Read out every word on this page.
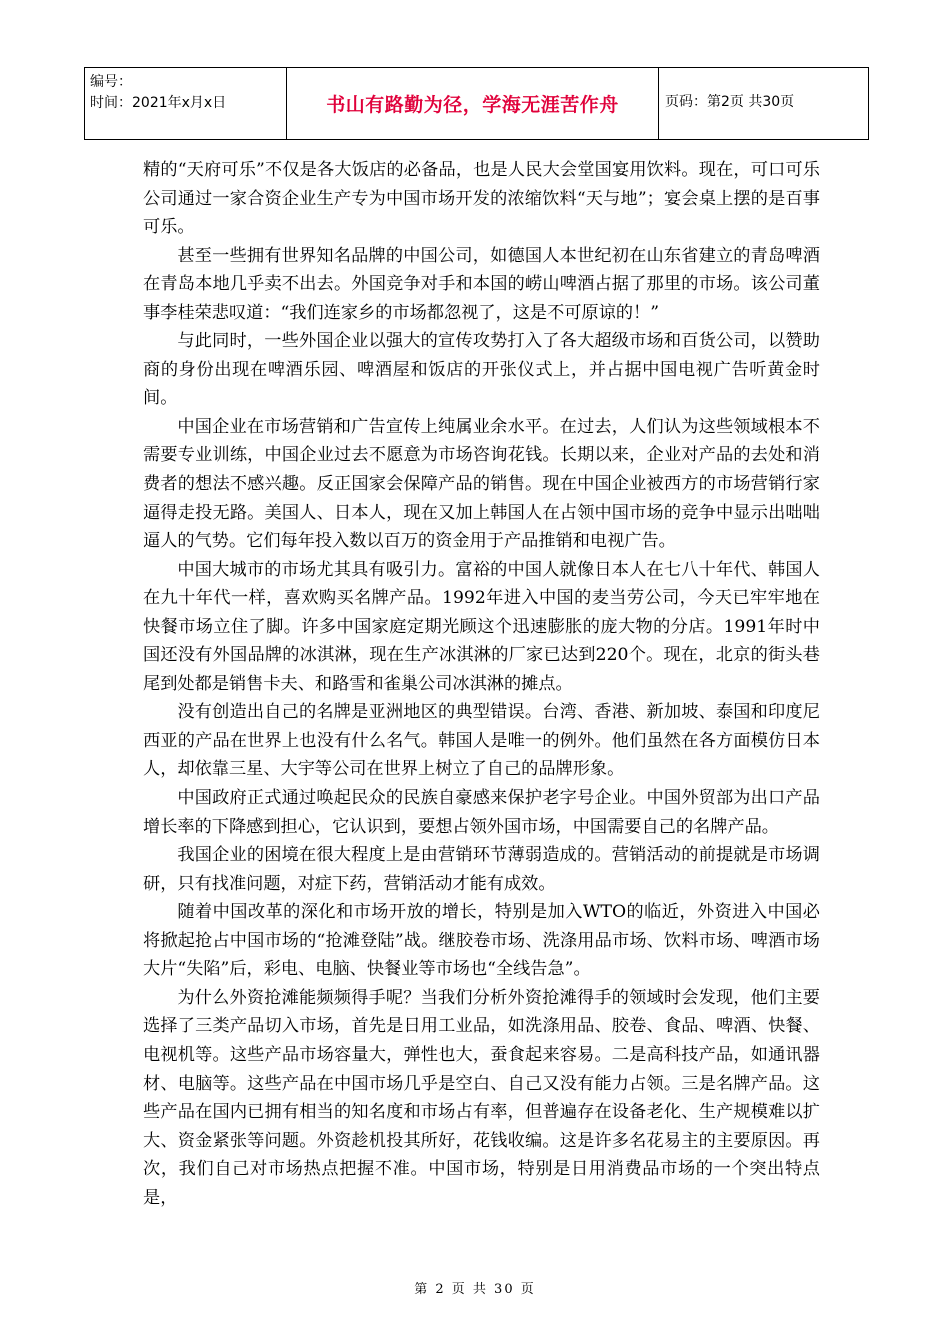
编号：
时间：2021年x月x日	书山有路勤为径，学海无涯苦作舟	页码：第2页 共30页

精的“天府可乐”不仅是各大饭店的必备品，也是人民大会堂国宴用饮料。现在，可口可乐公司通过一家合资企业生产专为中国市场开发的浓缩饮料“天与地”；宴会桌上摆的是百事可乐。

甚至一些拥有世界知名品牌的中国公司，如德国人本世纪初在山东省建立的青岛啤酒在青岛本地几乎卖不出去。外国竞争对手和本国的崂山啤酒占据了那里的市场。该公司董事李桂荣悲叹道：“我们连家乡的市场都忽视了，这是不可原谅的！”

与此同时，一些外国企业以强大的宣传攻势打入了各大超级市场和百货公司，以赞助商的身份出现在啤酒乐园、啤酒屋和饭店的开张仪式上，并占据中国电视广告听黄金时间。

中国企业在市场营销和广告宣传上纯属业余水平。在过去，人们认为这些领域根本不需要专业训练，中国企业过去不愿意为市场咨询花钱。长期以来，企业对产品的去处和消费者的想法不感兴趣。反正国家会保障产品的销售。现在中国企业被西方的市场营销行家逼得走投无路。美国人、日本人，现在又加上韩国人在占领中国市场的竞争中显示出咄咄逼人的气势。它们每年投入数以百万的资金用于产品推销和电视广告。

中国大城市的市场尤其具有吸引力。富裕的中国人就像日本人在七八十年代、韩国人在九十年代一样，喜欢购买名牌产品。1992年进入中国的麦当劳公司，今天已牢牢地在快餐市场立住了脚。许多中国家庭定期光顾这个迅速膨胀的庞大物的分店。1991年时中国还没有外国品牌的冰淇淋，现在生产冰淇淋的厂家已达到220个。现在，北京的街头巷尾到处都是销售卡夫、和路雪和雀巢公司冰淇淋的摊点。

没有创造出自己的名牌是亚洲地区的典型错误。台湾、香港、新加坡、泰国和印度尼西亚的产品在世界上也没有什么名气。韩国人是唯一的例外。他们虽然在各方面模仿日本人，却依靠三星、大宇等公司在世界上树立了自己的品牌形象。

中国政府正式通过唤起民众的民族自豪感来保护老字号企业。中国外贸部为出口产品增长率的下降感到担心，它认识到，要想占领外国市场，中国需要自己的名牌产品。

我国企业的困境在很大程度上是由营销环节薄弱造成的。营销活动的前提就是市场调研，只有找准问题，对症下药，营销活动才能有成效。

随着中国改革的深化和市场开放的增长，特别是加入WTO的临近，外资进入中国必将掀起抢占中国市场的“抢滩登陆”战。继胶卷市场、洗涤用品市场、饮料市场、啤酒市场大片“失陷”后，彩电、电脑、快餐业等市场也“全线告急”。

为什么外资抢滩能频频得手呢？当我们分析外资抢滩得手的领域时会发现，他们主要选择了三类产品切入市场，首先是日用工业品，如洗涤用品、胶卷、食品、啤酒、快餐、电视机等。这些产品市场容量大，弹性也大，蚕食起来容易。二是高科技产品，如通讯器材、电脑等。这些产品在中国市场几乎是空白、自己又没有能力占领。三是名牌产品。这些产品在国内已拥有相当的知名度和市场占有率，但普遍存在设备老化、生产规模难以扩大、资金紧张等问题。外资趁机投其所好，花钱收编。这是许多名花易主的主要原因。再次，我们自己对市场热点把握不准。中国市场，特别是日用消费品市场的一个突出特点是，

第 2 页 共 30 页
